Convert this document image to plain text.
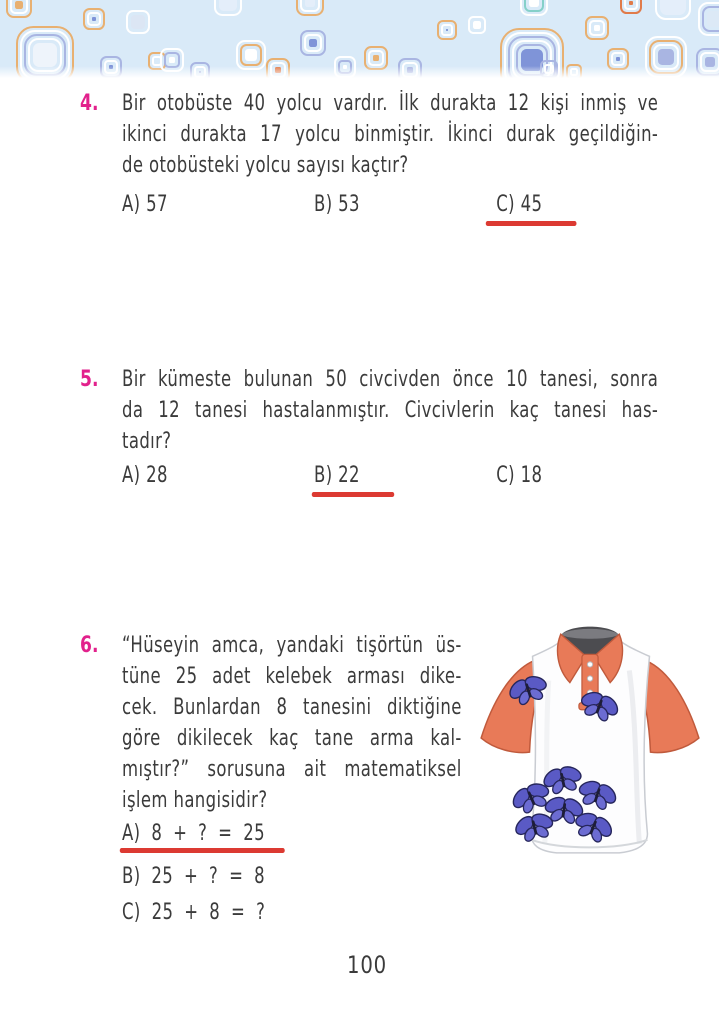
4. Bir otobüste 40 yolcu vardır. İlk durakta 12 kişi inmiş ve
ikinci durakta 17 yolcu binmiştir. İkinci durak geçildiğin-
de otobüsteki yolcu sayısı kaçtır?
A) 57	B) 53	C) 45
5. Bir kümeste bulunan 50 civcivden önce 10 tanesi, sonra
da 12 tanesi hastalanmıştır. Civcivlerin kaç tanesi has-
tadır?
A) 28	B) 22	C) 18
6. “Hüseyin amca, yandaki tişörtün üs-
tüne 25 adet kelebek arması dike-
cek. Bunlardan 8 tanesini diktiğine
göre dikilecek kaç tane arma kal-
mıştır?” sorusuna ait matematiksel
işlem hangisidir?
A) 8 + ? = 25
B) 25 + ? = 8
C) 25 + 8 = ?
100
